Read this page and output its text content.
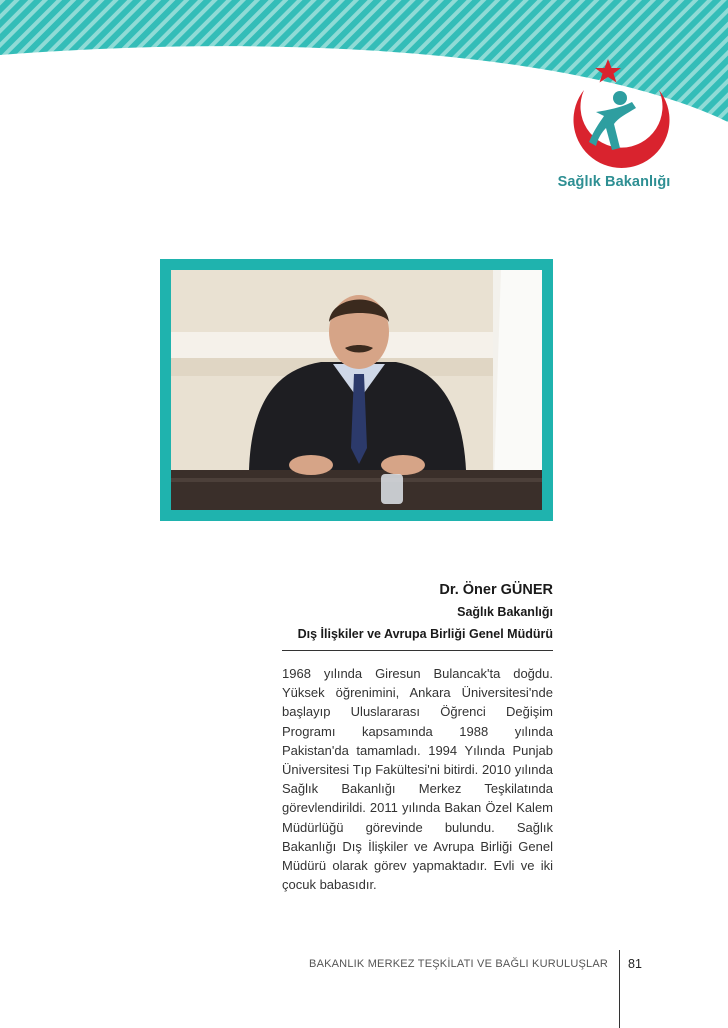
Sağlık Bakanlığı
Dr. Öner GÜNER
Sağlık Bakanlığı
Dış İlişkiler ve Avrupa Birliği Genel Müdürü

1968 yılında Giresun Bulancak'ta doğdu. Yüksek öğrenimini, Ankara Üniversitesi'nde başlayıp Uluslararası Öğrenci Değişim Programı kapsamında 1988 yılında Pakistan'da tamamladı. 1994 Yılında Punjab Üniversitesi Tıp Fakültesi'ni bitirdi. 2010 yılında Sağlık Bakanlığı Merkez Teşkilatında görevlendirildi. 2011 yılında Bakan Özel Kalem Müdürlüğü görevinde bulundu. Sağlık Bakanlığı Dış İlişkiler ve Avrupa Birliği Genel Müdürü olarak görev yapmaktadır. Evli ve iki çocuk babasıdır.

BAKANLIK MERKEZ TEŞKİLATI VE BAĞLI KURULUŞLAR 81
